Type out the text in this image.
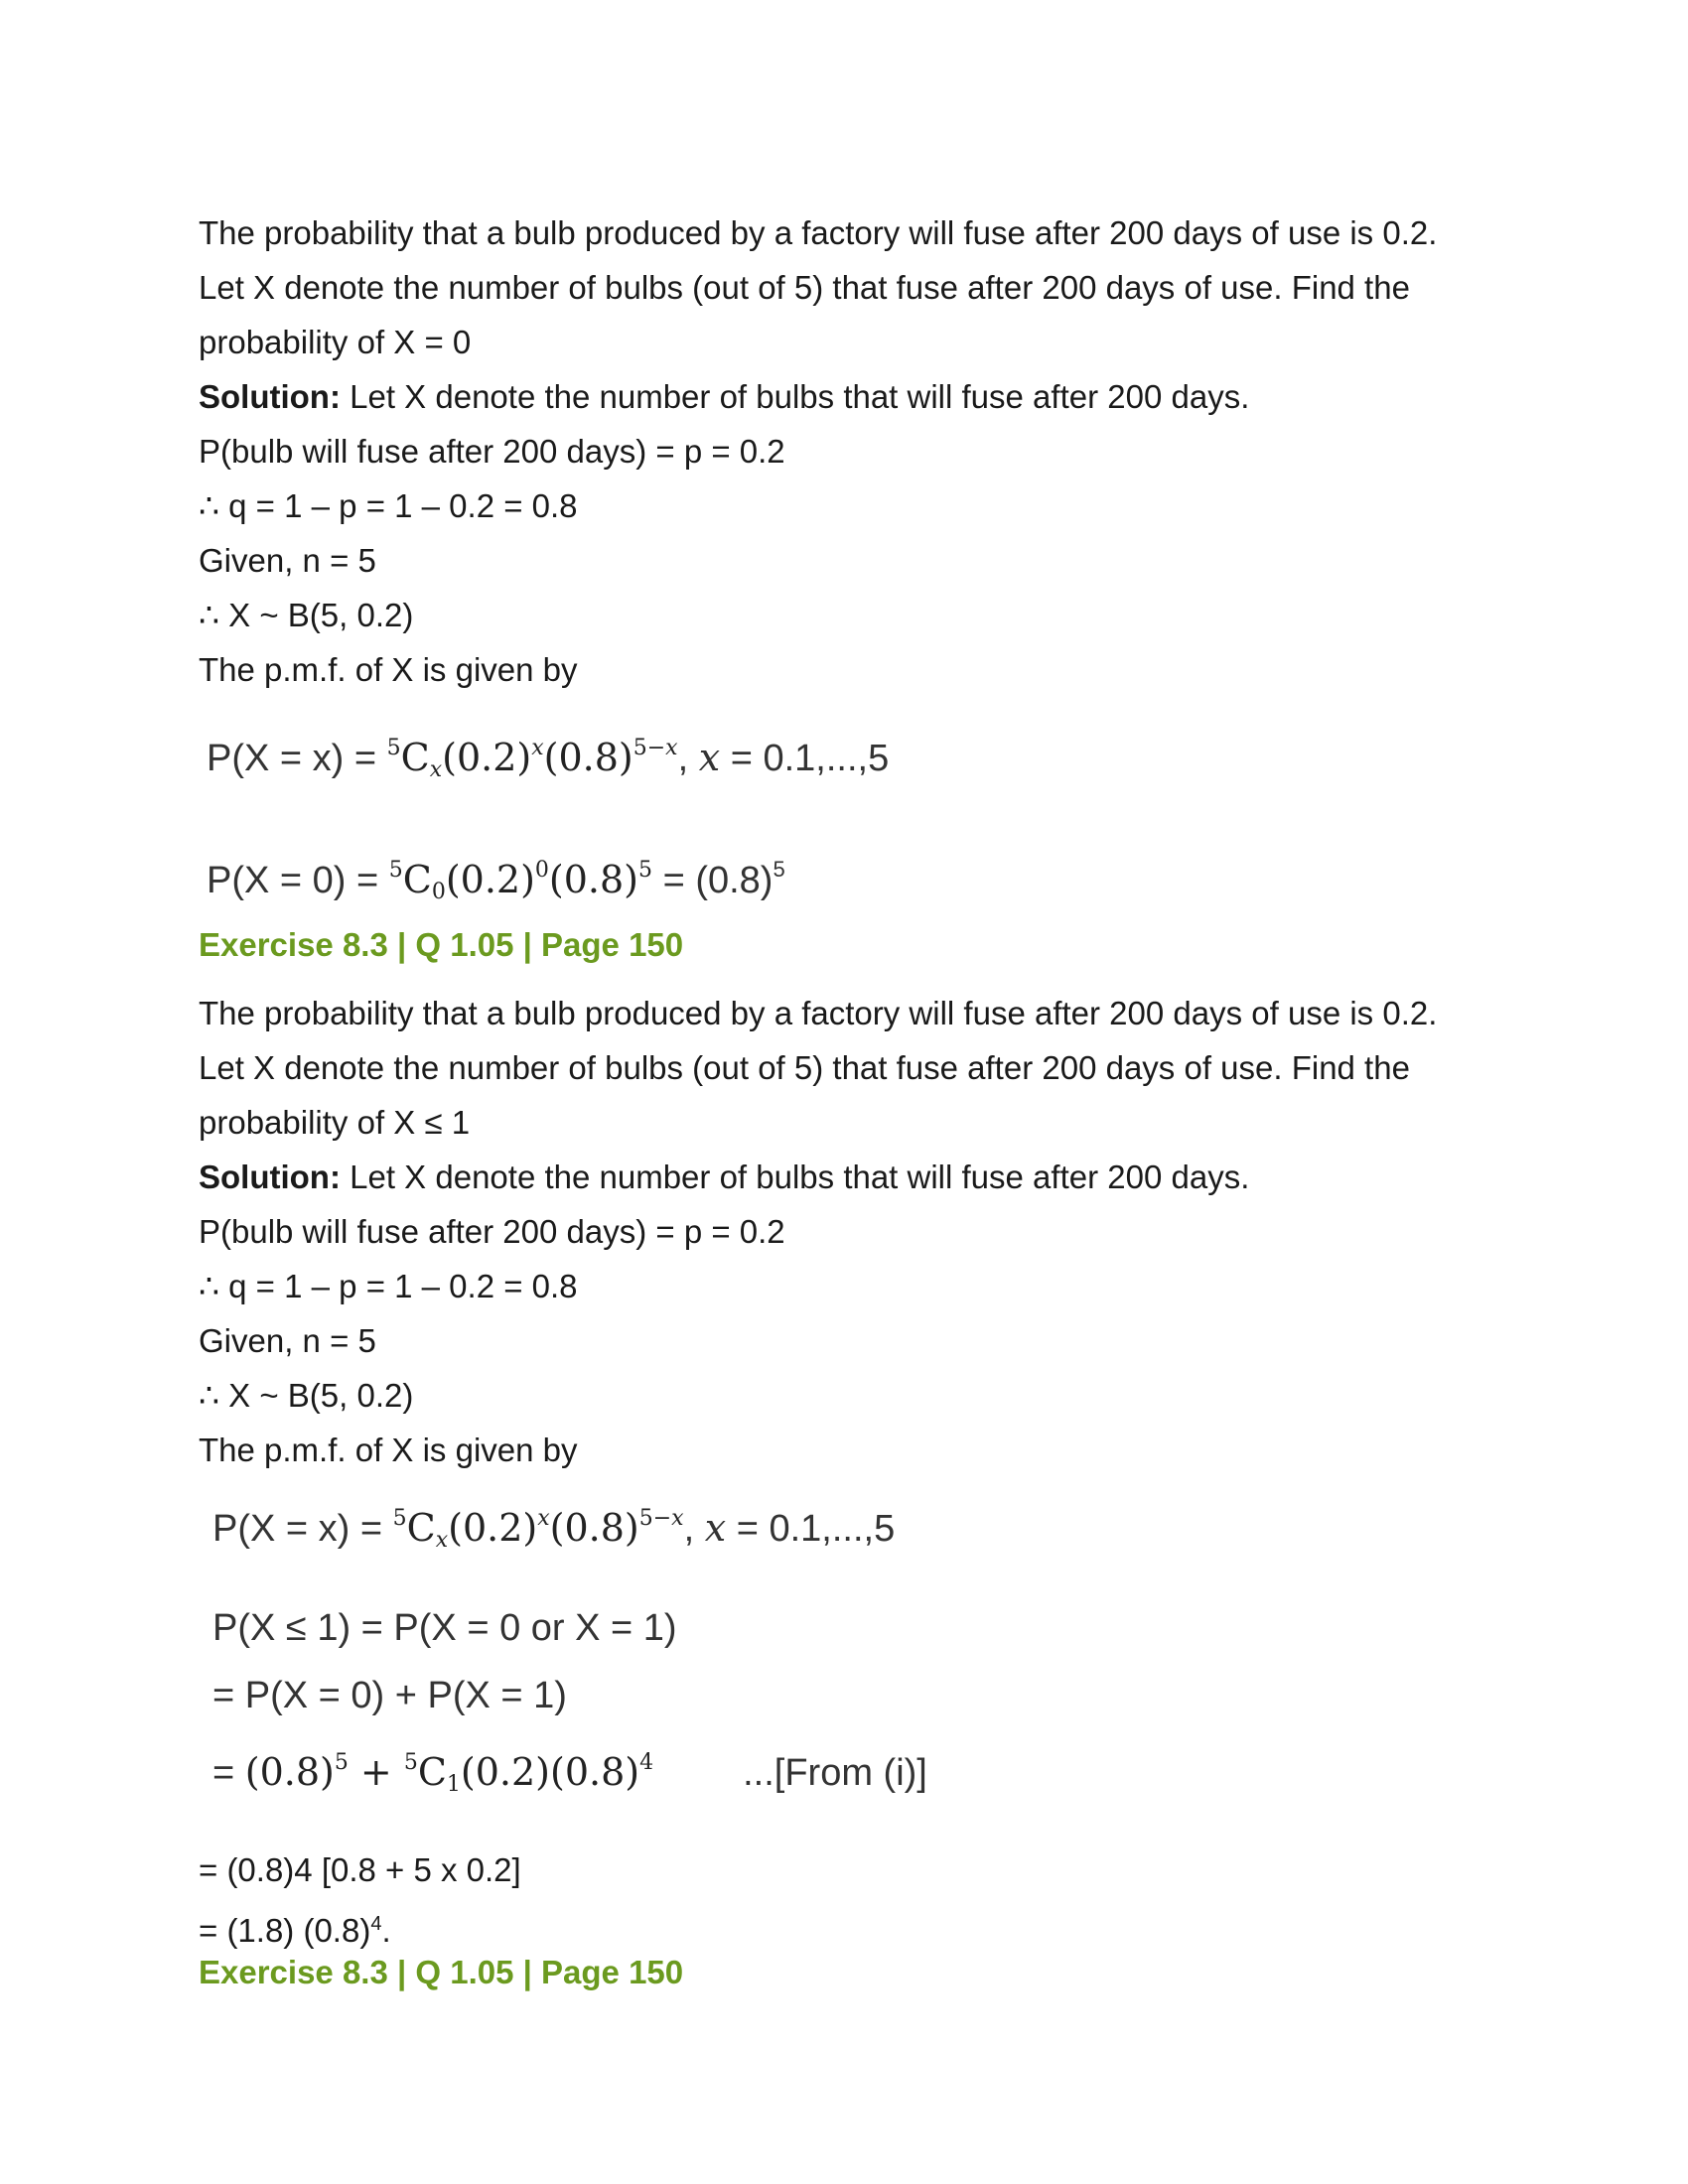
The probability that a bulb produced by a factory will fuse after 200 days of use is 0.2.
Let X denote the number of bulbs (out of 5) that fuse after 200 days of use. Find the
probability of X = 0
Solution: Let X denote the number of bulbs that will fuse after 200 days.
P(bulb will fuse after 200 days) = p = 0.2
∴ q = 1 – p = 1 – 0.2 = 0.8
Given, n = 5
∴ X ~ B(5, 0.2)
The p.m.f. of X is given by
$P(X = x) = ^5C_x(0.2)^x(0.8)^{5-x}$, x = 0.1,...,5
$P(X = 0) = ^5C_0(0.2)^0(0.8)^5 = (0.8)^5$
Exercise 8.3 | Q 1.05 | Page 150
The probability that a bulb produced by a factory will fuse after 200 days of use is 0.2.
Let X denote the number of bulbs (out of 5) that fuse after 200 days of use. Find the
probability of X ≤ 1
Solution: Let X denote the number of bulbs that will fuse after 200 days.
P(bulb will fuse after 200 days) = p = 0.2
∴ q = 1 – p = 1 – 0.2 = 0.8
Given, n = 5
∴ X ~ B(5, 0.2)
The p.m.f. of X is given by
$P(X = x) = ^5C_x(0.2)^x(0.8)^{5-x}$, x = 0.1,...,5
P(X ≤ 1) = P(X = 0 or X = 1)
= P(X = 0) + P(X = 1)
= $(0.8)^5 + ^5C_1(0.2)(0.8)^4$ ...[From (i)]
= (0.8)4 [0.8 + 5 x 0.2]
= (1.8) $(0.8)^4$.
Exercise 8.3 | Q 1.05 | Page 150
